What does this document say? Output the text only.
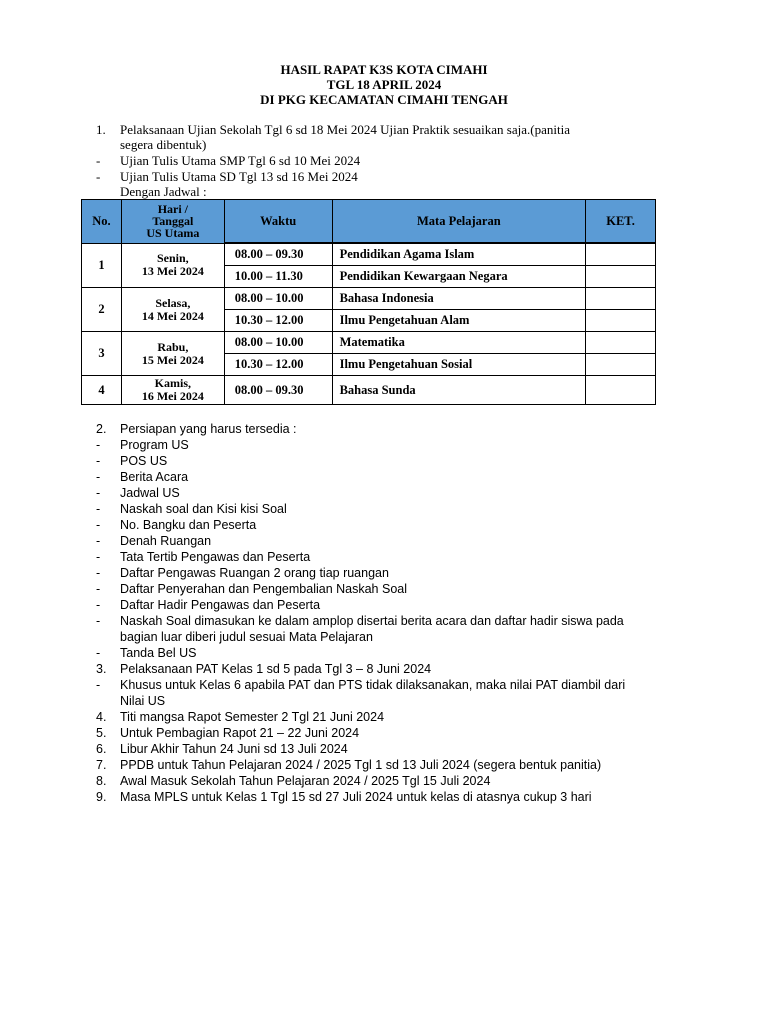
HASIL RAPAT K3S KOTA CIMAHI
TGL 18 APRIL 2024
DI PKG KECAMATAN CIMAHI TENGAH
1. Pelaksanaan Ujian Sekolah Tgl 6 sd 18 Mei 2024 Ujian Praktik sesuaikan saja.(panitia
segera dibentuk)
- Ujian Tulis Utama SMP Tgl 6 sd 10 Mei 2024
- Ujian Tulis Utama SD Tgl 13 sd 16 Mei 2024
Dengan Jadwal :
No.	Hari /
Tanggal
US Utama	Waktu	Mata Pelajaran	KET.
1	Senin,
13 Mei 2024	08.00 – 09.30	Pendidikan Agama Islam	
		10.00 – 11.30	Pendidikan Kewargaan Negara	
2	Selasa,
14 Mei 2024	08.00 – 10.00	Bahasa Indonesia	
		10.30 – 12.00	Ilmu Pengetahuan Alam	
3	Rabu,
15 Mei 2024	08.00 – 10.00	Matematika	
		10.30 – 12.00	Ilmu Pengetahuan Sosial	
4	Kamis,
16 Mei 2024	08.00 – 09.30	Bahasa Sunda	
2. Persiapan yang harus tersedia :
- Program US
- POS US
- Berita Acara
- Jadwal US
- Naskah soal dan Kisi kisi Soal
- No. Bangku dan Peserta
- Denah Ruangan
- Tata Tertib Pengawas dan Peserta
- Daftar Pengawas Ruangan 2 orang tiap ruangan
- Daftar Penyerahan dan Pengembalian Naskah Soal
- Daftar Hadir Pengawas dan Peserta
- Naskah Soal dimasukan ke dalam amplop disertai berita acara dan daftar hadir siswa pada
bagian luar diberi judul sesuai Mata Pelajaran
- Tanda Bel US
3. Pelaksanaan PAT Kelas 1 sd 5 pada Tgl 3 – 8 Juni 2024
- Khusus untuk Kelas 6 apabila PAT dan PTS tidak dilaksanakan, maka nilai PAT diambil dari
Nilai US
4. Titi mangsa Rapot Semester 2 Tgl 21 Juni 2024
5. Untuk Pembagian Rapot 21 – 22 Juni 2024
6. Libur Akhir Tahun 24 Juni sd 13 Juli 2024
7. PPDB untuk Tahun Pelajaran 2024 / 2025 Tgl 1 sd 13 Juli 2024 (segera bentuk panitia)
8. Awal Masuk Sekolah Tahun Pelajaran 2024 / 2025 Tgl 15 Juli 2024
9. Masa MPLS untuk Kelas 1 Tgl 15 sd 27 Juli 2024 untuk kelas di atasnya cukup 3 hari
